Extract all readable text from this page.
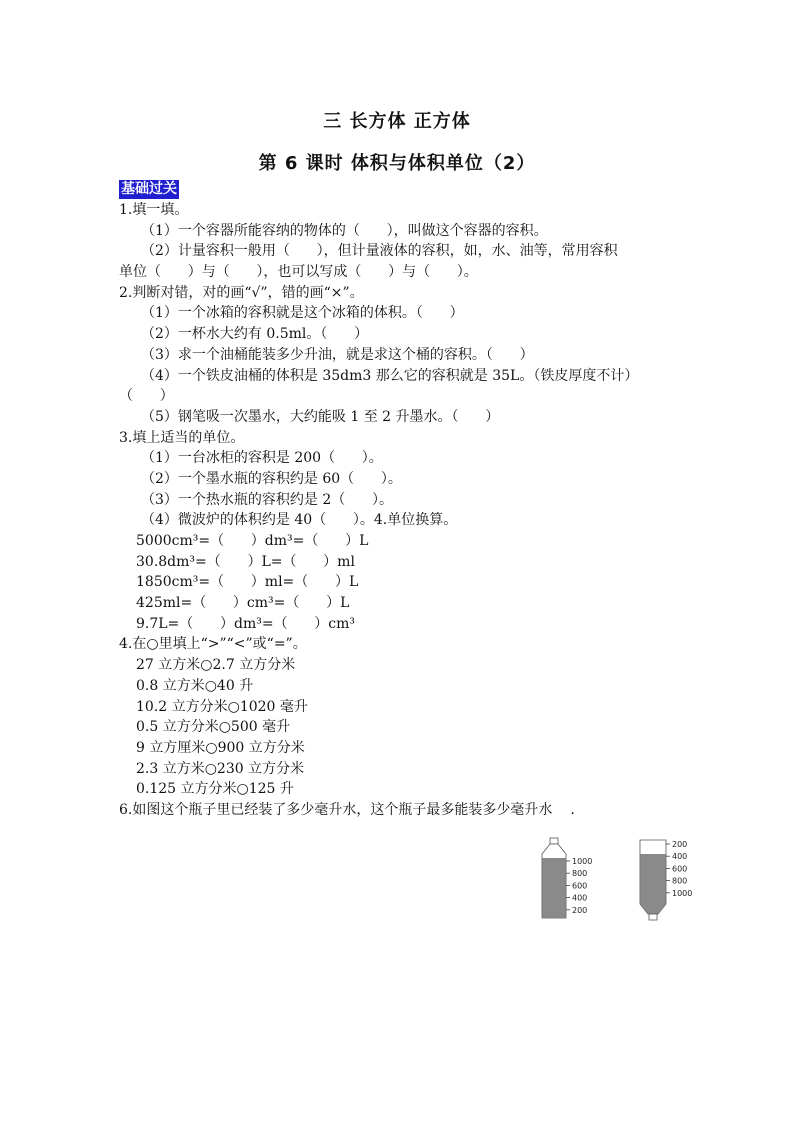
三 长方体 正方体
第 6 课时 体积与体积单位（2）
基础过关
1.填一填。
（1）一个容器所能容纳的物体的（      ），叫做这个容器的容积。
（2）计量容积一般用（      ），但计量液体的容积，如，水、油等，常用容积
单位（      ）与（      ），也可以写成（      ）与（      ）。
2.判断对错，对的画“√”，错的画“×”。
（1）一个冰箱的容积就是这个冰箱的体积。（      ）
（2）一杯水大约有 0.5ml。（      ）
（3）求一个油桶能装多少升油，就是求这个桶的容积。（      ）
（4）一个铁皮油桶的体积是 35dm3 那么它的容积就是 35L。（铁皮厚度不计）
（      ）
（5）钢笔吸一次墨水，大约能吸 1 至 2 升墨水。（      ）
3.填上适当的单位。
（1）一台冰柜的容积是 200（      ）。
（2）一个墨水瓶的容积约是 60（      ）。
（3）一个热水瓶的容积约是 2（      ）。
（4）微波炉的体积约是 40（      ）。4.单位换算。
5000cm³=（      ）dm³=（      ）L
30.8dm³=（      ）L=（      ）ml
1850cm³=（      ）ml=（      ）L
425ml=（      ）cm³=（      ）L
9.7L=（      ）dm³=（      ）cm³
4.在○里填上“>”“<”或“=”。
27 立方米○2.7 立方分米
0.8 立方米○40 升
10.2 立方分米○1020 毫升
0.5 立方分米○500 毫升
9 立方厘米○900 立方分米
2.3 立方米○230 立方分米
0.125 立方分米○125 升
6.如图这个瓶子里已经装了多少毫升水，这个瓶子最多能装多少毫升水 .
1000
800
600
400
200
200
400
600
800
1000
